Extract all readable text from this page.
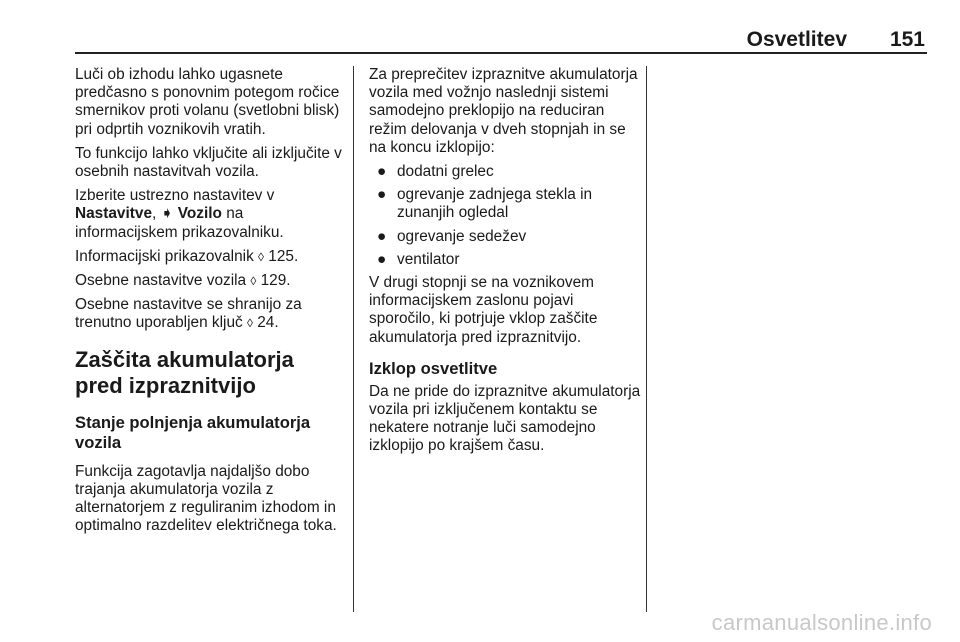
Osvetlitev 151

Luči ob izhodu lahko ugasnete predčasno s ponovnim potegom ročice smernikov proti volanu (svetlobni blisk) pri odprtih voznikovih vratih.

To funkcijo lahko vključite ali izključite v osebnih nastavitvah vozila.

Izberite ustrezno nastavitev v
Nastavitve, ➧ Vozilo na informacijskem prikazovalniku.

Informacijski prikazovalnik ◊ 125.

Osebne nastavitve vozila ◊ 129.

Osebne nastavitve se shranijo za trenutno uporabljen ključ ◊ 24.

Zaščita akumulatorja pred izpraznitvijo
Stanje polnjenja akumulatorja vozila

Funkcija zagotavlja najdaljšo dobo trajanja akumulatorja vozila z alternatorjem z reguliranim izhodom in optimalno razdelitev električnega toka.

Za preprečitev izpraznitve akumulatorja vozila med vožnjo naslednji sistemi samodejno preklopijo na reduciran režim delovanja v dveh stopnjah in se na koncu izklopijo:

● dodatni grelec
● ogrevanje zadnjega stekla in zunanjih ogledal
● ogrevanje sedežev
● ventilator

V drugi stopnji se na voznikovem informacijskem zaslonu pojavi sporočilo, ki potrjuje vklop zaščite akumulatorja pred izpraznitvijo.

Izklop osvetlitve

Da ne pride do izpraznitve akumulatorja vozila pri izključenem kontaktu se nekatere notranje luči samodejno izklopijo po krajšem času.

carmanualsonline.info
